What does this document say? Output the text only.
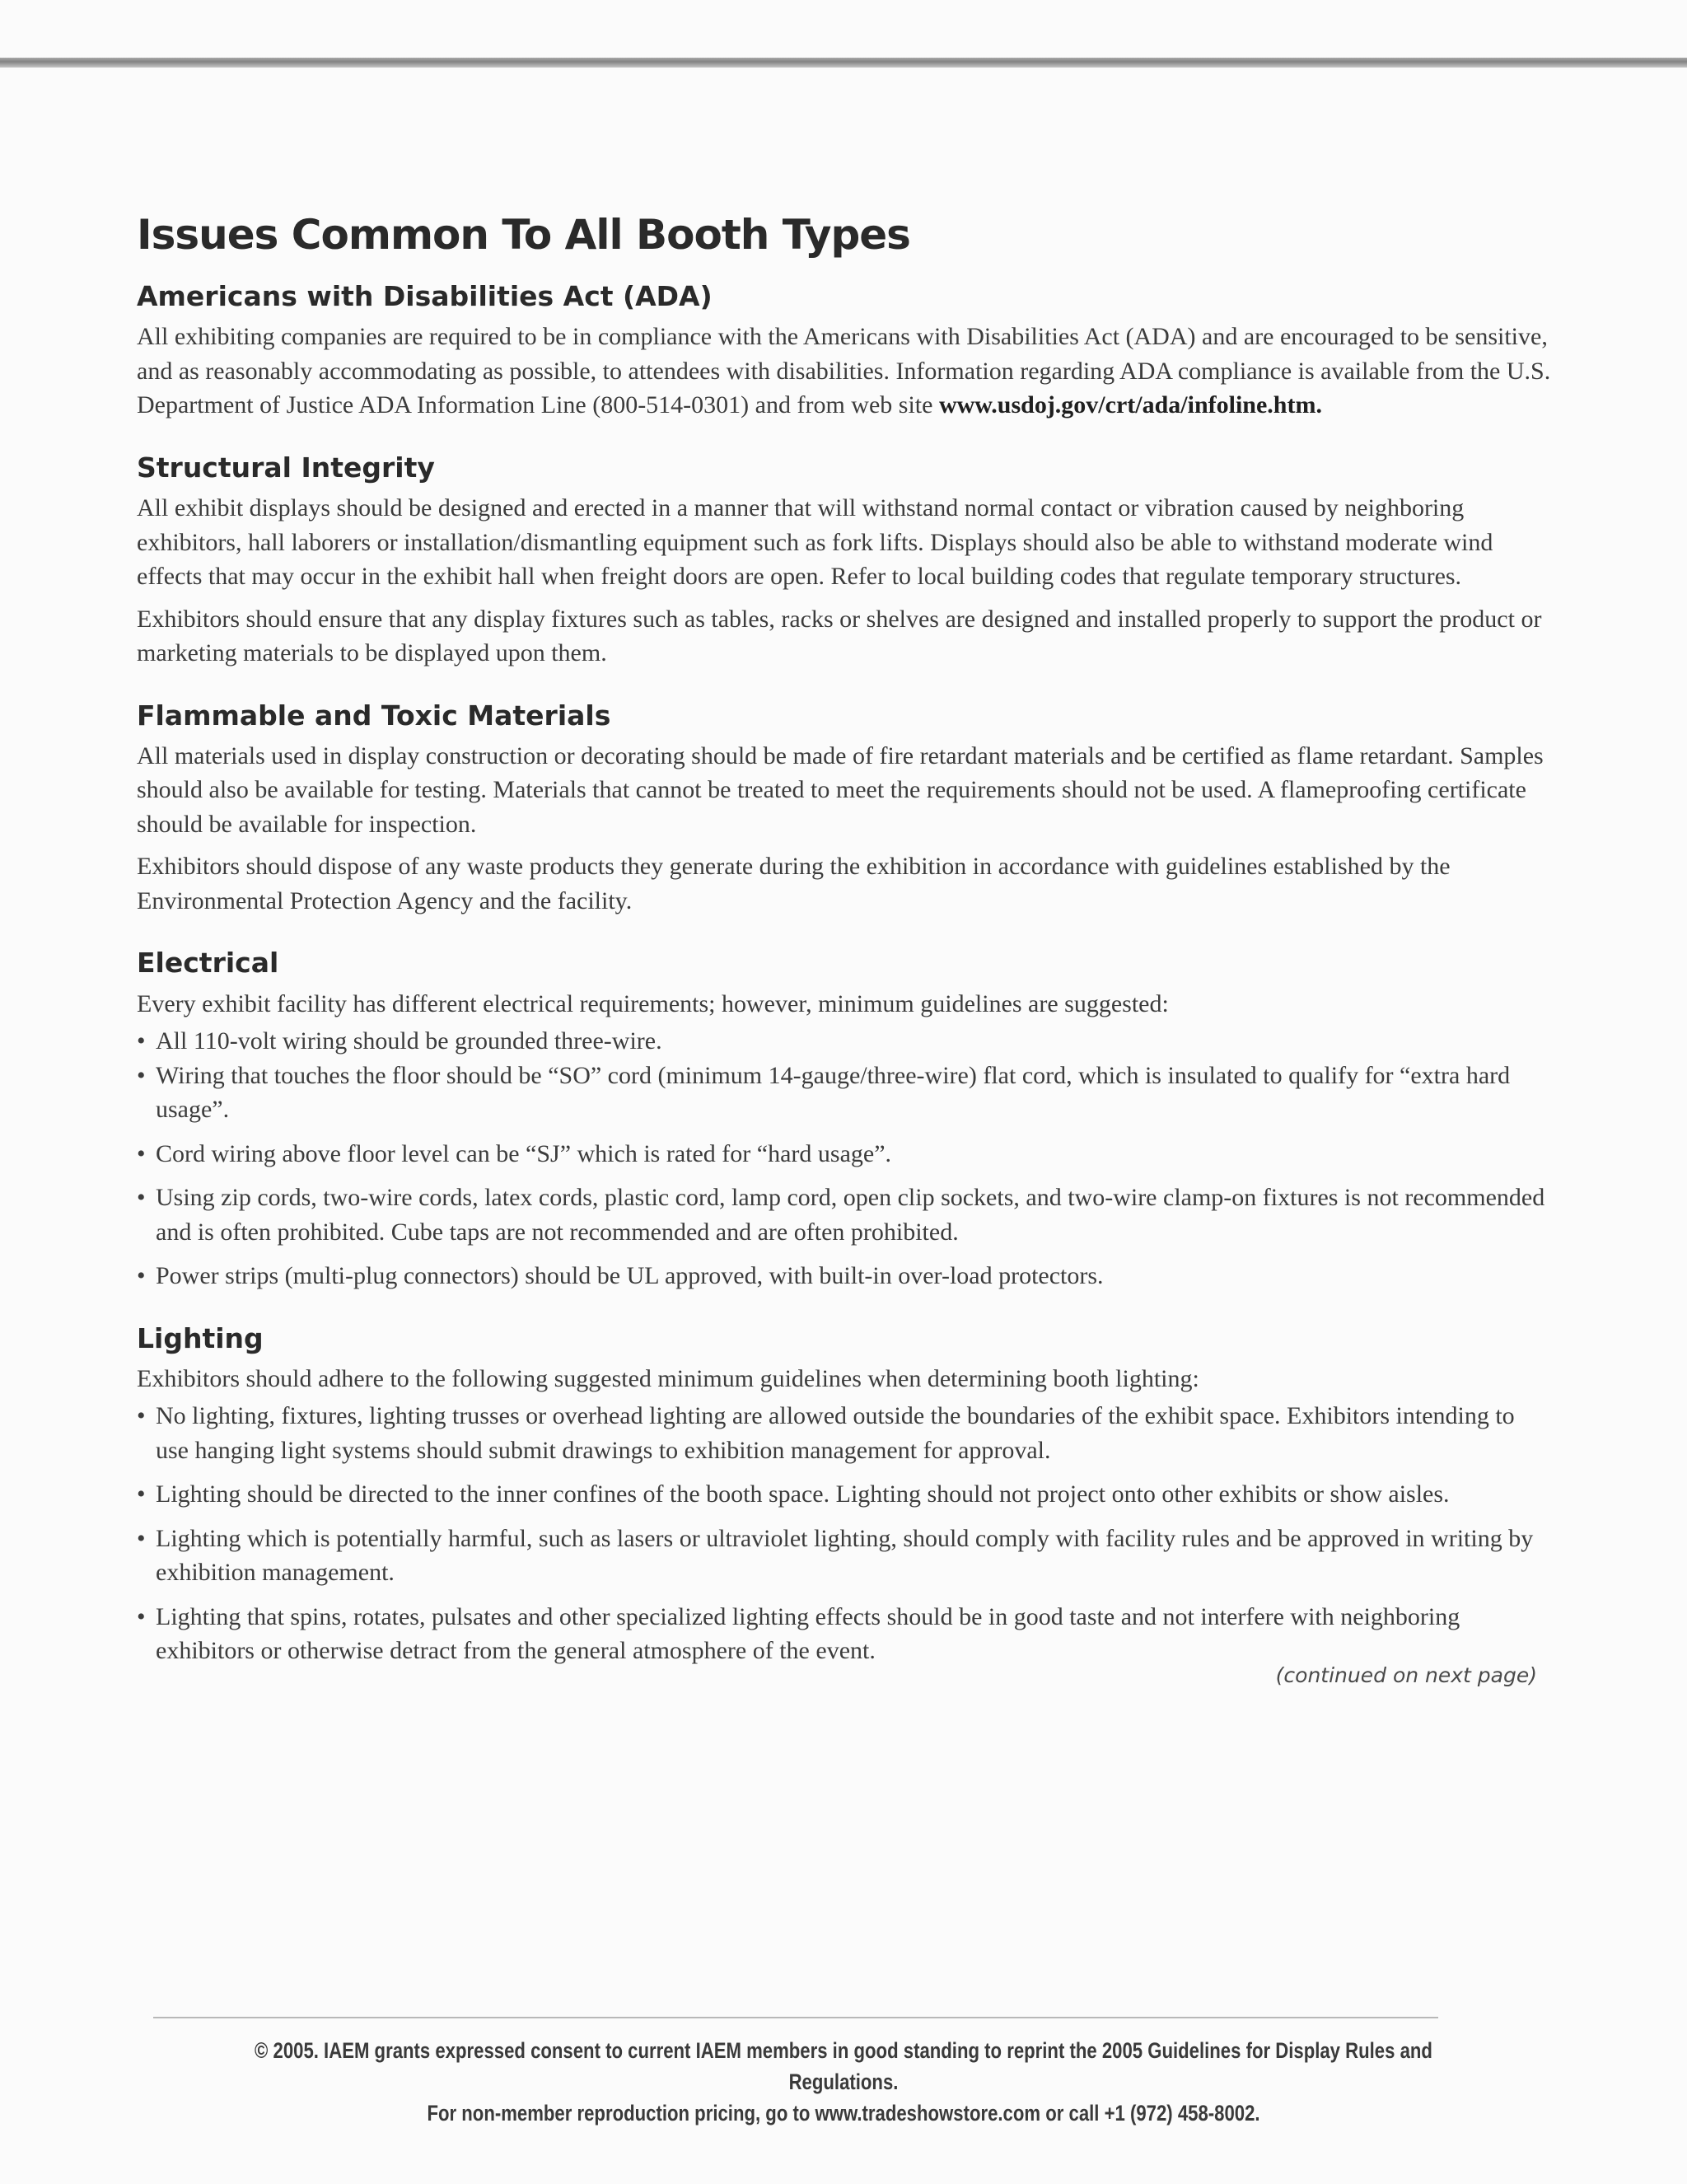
Issues Common To All Booth Types
Americans with Disabilities Act (ADA)

All exhibiting companies are required to be in compliance with the Americans with Disabilities Act (ADA) and are encouraged to be sensitive, and as reasonably accommodating as possible, to attendees with disabilities. Information regarding ADA compliance is available from the U.S. Department of Justice ADA Information Line (800-514-0301) and from web site www.usdoj.gov/crt/ada/infoline.htm.

Structural Integrity

All exhibit displays should be designed and erected in a manner that will withstand normal contact or vibration caused by neighboring exhibitors, hall laborers or installation/dismantling equipment such as fork lifts. Displays should also be able to withstand moderate wind effects that may occur in the exhibit hall when freight doors are open. Refer to local building codes that regulate temporary structures.

Exhibitors should ensure that any display fixtures such as tables, racks or shelves are designed and installed properly to support the product or marketing materials to be displayed upon them.

Flammable and Toxic Materials

All materials used in display construction or decorating should be made of fire retardant materials and be certified as flame retardant. Samples should also be available for testing. Materials that cannot be treated to meet the requirements should not be used. A flameproofing certificate should be available for inspection.

Exhibitors should dispose of any waste products they generate during the exhibition in accordance with guidelines established by the Environmental Protection Agency and the facility.

Electrical

Every exhibit facility has different electrical requirements; however, minimum guidelines are suggested:

• All 110-volt wiring should be grounded three-wire.
• Wiring that touches the floor should be “SO” cord (minimum 14-gauge/three-wire) flat cord, which is insulated to qualify for “extra hard usage”.
• Cord wiring above floor level can be “SJ” which is rated for “hard usage”.
• Using zip cords, two-wire cords, latex cords, plastic cord, lamp cord, open clip sockets, and two-wire clamp-on fixtures is not recommended and is often prohibited. Cube taps are not recommended and are often prohibited.
• Power strips (multi-plug connectors) should be UL approved, with built-in over-load protectors.
Lighting

Exhibitors should adhere to the following suggested minimum guidelines when determining booth lighting:

• No lighting, fixtures, lighting trusses or overhead lighting are allowed outside the boundaries of the exhibit space. Exhibitors intending to use hanging light systems should submit drawings to exhibition management for approval.
• Lighting should be directed to the inner confines of the booth space. Lighting should not project onto other exhibits or show aisles.
• Lighting which is potentially harmful, such as lasers or ultraviolet lighting, should comply with facility rules and be approved in writing by exhibition management.
• Lighting that spins, rotates, pulsates and other specialized lighting effects should be in good taste and not interfere with neighboring exhibitors or otherwise detract from the general atmosphere of the event.
(continued on next page)
© 2005. IAEM grants expressed consent to current IAEM members in good standing to reprint the 2005 Guidelines for Display Rules and Regulations.
For non-member reproduction pricing, go to www.tradeshowstore.com or call +1 (972) 458-8002.
